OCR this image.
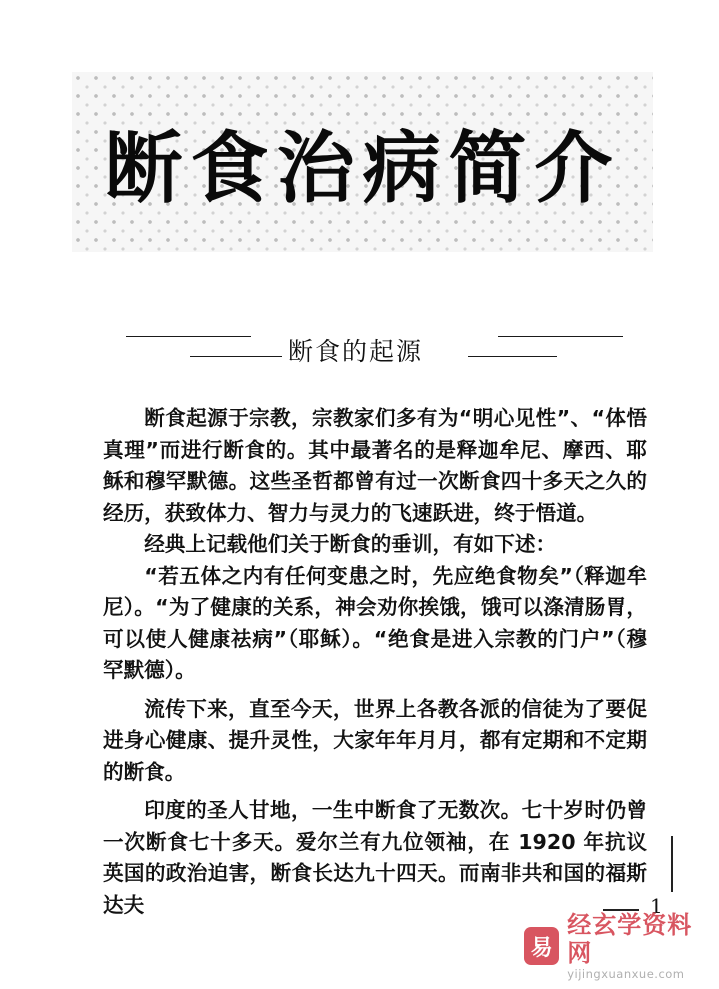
断食治病简介
断食的起源

断食起源于宗教，宗教家们多有为“明心见性”、“体悟真理”而进行断食的。其中最著名的是释迦牟尼、摩西、耶稣和穆罕默德。这些圣哲都曾有过一次断食四十多天之久的经历，获致体力、智力与灵力的飞速跃进，终于悟道。

经典上记载他们关于断食的垂训，有如下述：

“若五体之内有任何变患之时，先应绝食物矣”（释迦牟尼）。“为了健康的关系，神会劝你挨饿，饿可以涤清肠胃，可以使人健康祛病”（耶稣）。“绝食是进入宗教的门户”（穆罕默德）。

流传下来，直至今天，世界上各教各派的信徒为了要促进身心健康、提升灵性，大家年年月月，都有定期和不定期的断食。

印度的圣人甘地，一生中断食了无数次。七十岁时仍曾一次断食七十多天。爱尔兰有九位领袖，在 1920 年抗议英国的政治迫害，断食长达九十四天。而南非共和国的福斯达夫	1
易
经玄学资料网
yijingxuanxue.com
